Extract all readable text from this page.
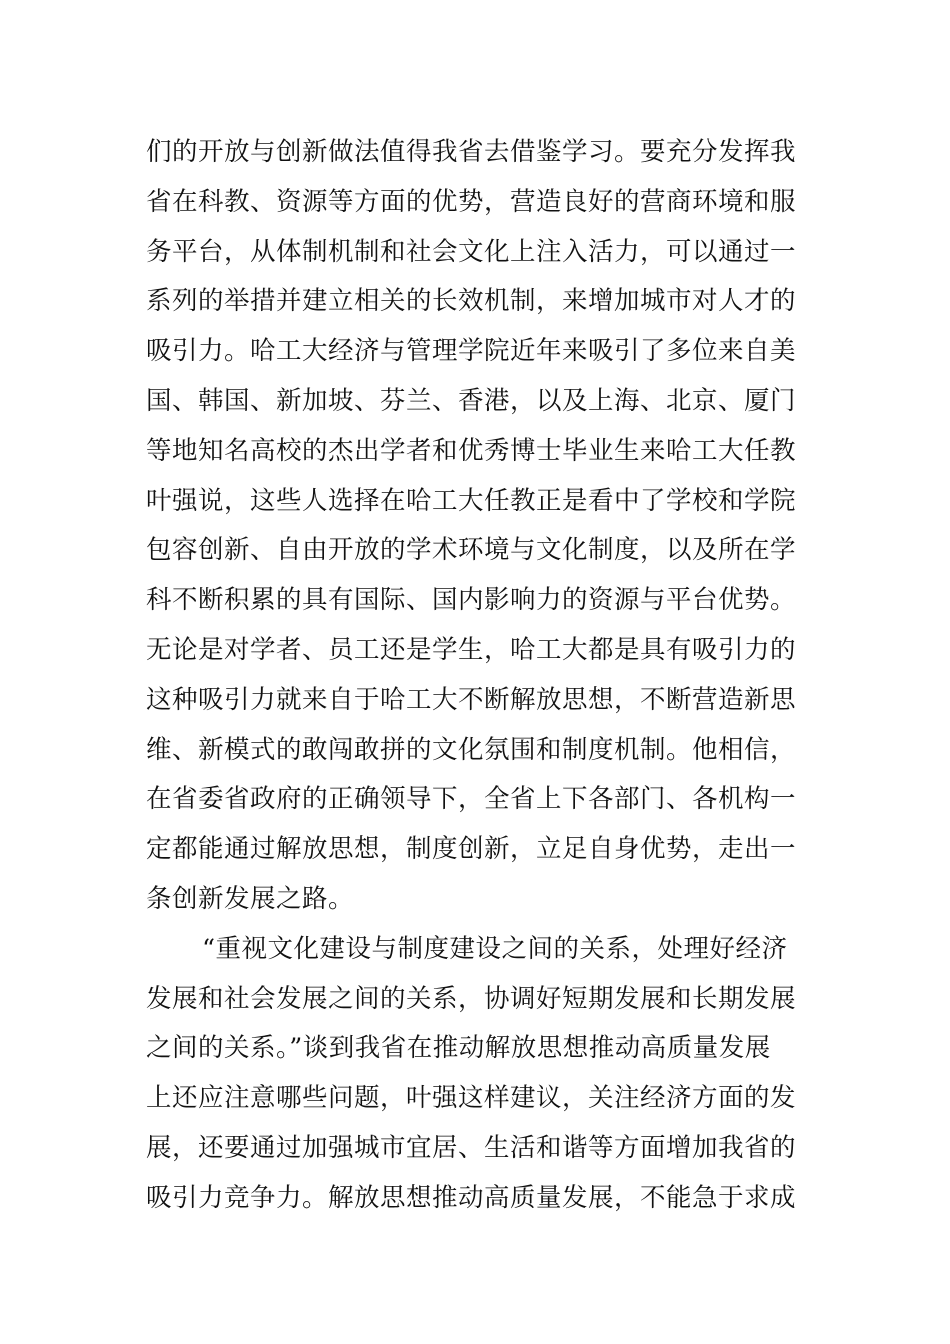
们的开放与创新做法值得我省去借鉴学习。要充分发挥我
省在科教、资源等方面的优势，营造良好的营商环境和服
务平台，从体制机制和社会文化上注入活力，可以通过一
系列的举措并建立相关的长效机制，来增加城市对人才的
吸引力。哈工大经济与管理学院近年来吸引了多位来自美
国、韩国、新加坡、芬兰、香港，以及上海、北京、厦门
等地知名高校的杰出学者和优秀博士毕业生来哈工大任教
叶强说，这些人选择在哈工大任教正是看中了学校和学院
包容创新、自由开放的学术环境与文化制度，以及所在学
科不断积累的具有国际、国内影响力的资源与平台优势。
无论是对学者、员工还是学生，哈工大都是具有吸引力的
这种吸引力就来自于哈工大不断解放思想，不断营造新思
维、新模式的敢闯敢拼的文化氛围和制度机制。他相信，
在省委省政府的正确领导下，全省上下各部门、各机构一
定都能通过解放思想，制度创新，立足自身优势，走出一
条创新发展之路。
“重视文化建设与制度建设之间的关系，处理好经济
发展和社会发展之间的关系，协调好短期发展和长期发展
之间的关系。”谈到我省在推动解放思想推动高质量发展
上还应注意哪些问题，叶强这样建议，关注经济方面的发
展，还要通过加强城市宜居、生活和谐等方面增加我省的
吸引力竞争力。解放思想推动高质量发展，不能急于求成
